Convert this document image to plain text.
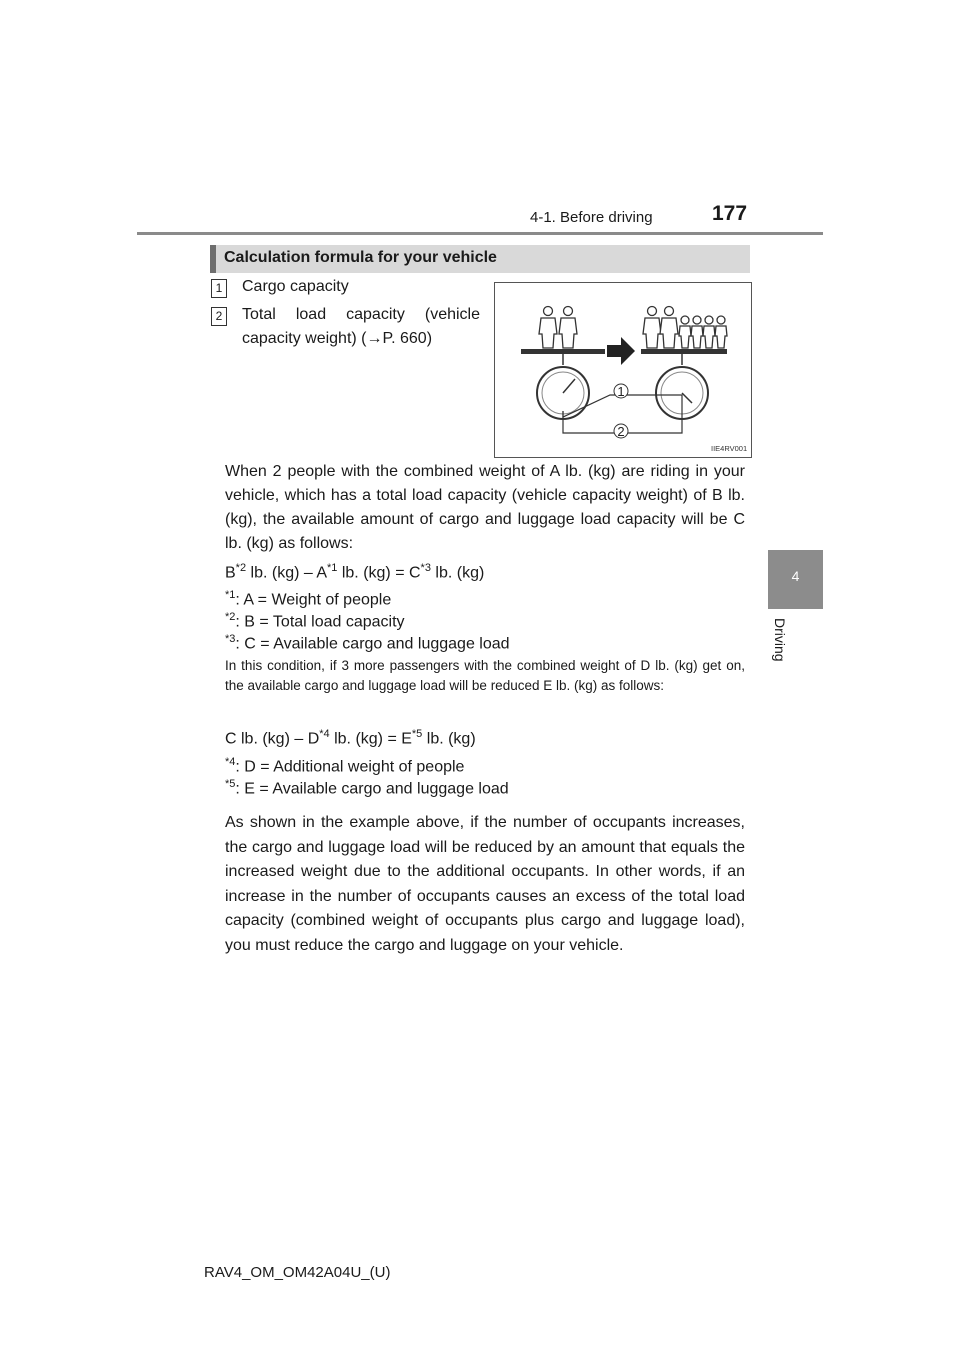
4-1. Before driving	177
4
Driving
Calculation formula for your vehicle
1 Cargo capacity
2 Total load capacity (vehicle
capacity weight) (→P. 660)
1
2
IIE4RV001
When 2 people with the combined weight of A lb. (kg) are riding in your vehicle, which has a total load capacity (vehicle capacity weight) of B lb. (kg), the available amount of cargo and luggage load capacity will be C lb. (kg) as follows:
$B^{*2}$ lb. $(kg) - A^{*1}$ lb. $(kg) = C^{*3}$ lb. (kg)
$^{*1}$: A = Weight of people
$^{*2}$: B = Total load capacity
$^{*3}$: C = Available cargo and luggage load
In this condition, if 3 more passengers with the combined weight of D lb. (kg) get on, the available cargo and luggage load will be reduced E lb. (kg) as follows:
C lb. $(kg) - D^{*4}$ lb. $(kg) = E^{*5}$ lb. (kg)
$^{*4}$: D = Additional weight of people
$^{*5}$: E = Available cargo and luggage load
As shown in the example above, if the number of occupants increases, the cargo and luggage load will be reduced by an amount that equals the increased weight due to the additional occupants. In other words, if an increase in the number of occupants causes an excess of the total load capacity (combined weight of occupants plus cargo and luggage load), you must reduce the cargo and luggage on your vehicle.
RAV4_OM_OM42A04U_(U)
